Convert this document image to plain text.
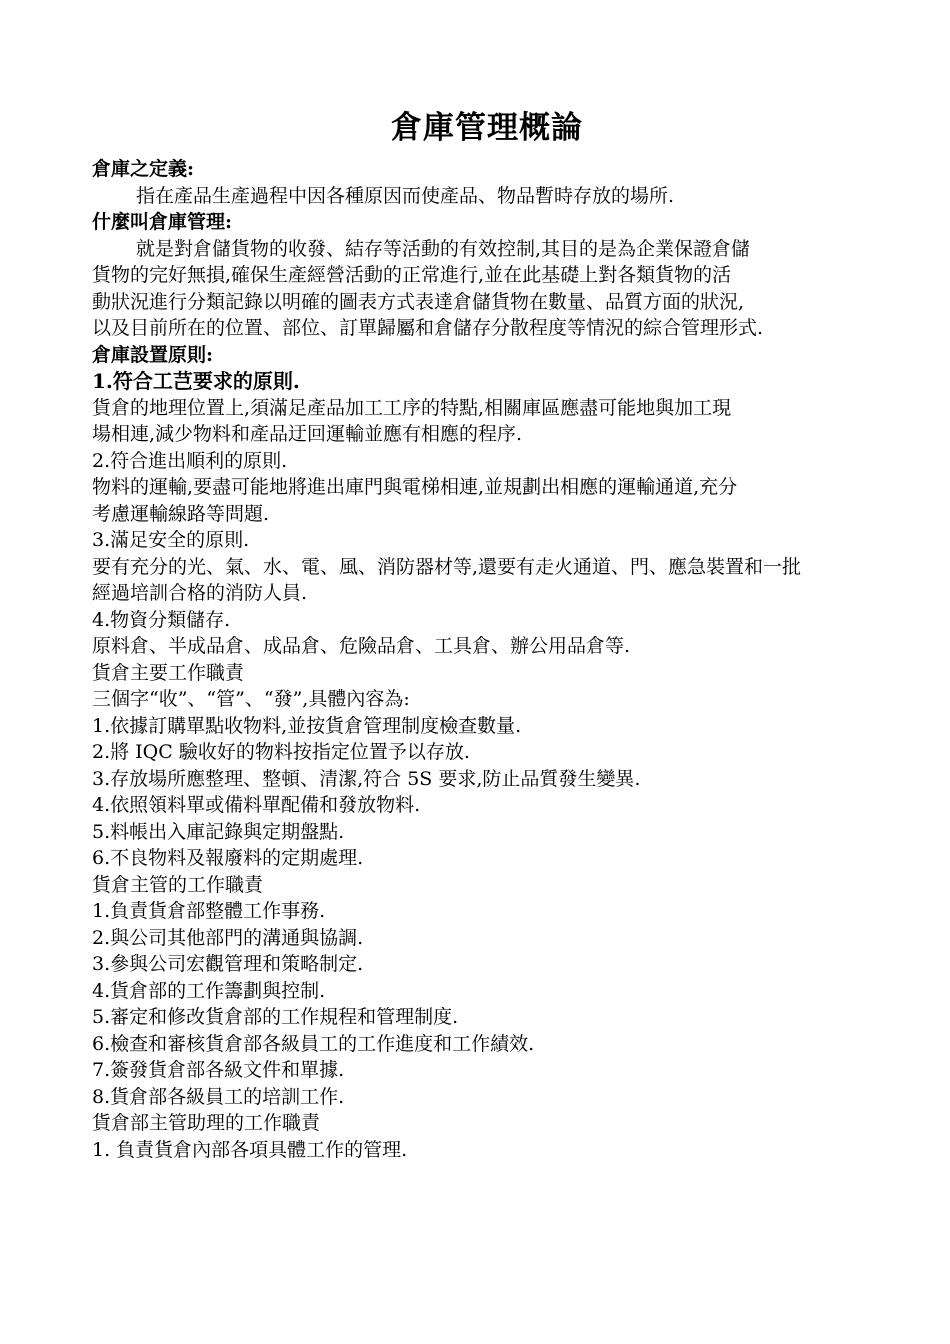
倉庫管理概論

倉庫之定義:

指在產品生產過程中因各種原因而使產品、物品暫時存放的場所.

什麼叫倉庫管理:

就是對倉儲貨物的收發、結存等活動的有效控制,其目的是為企業保證倉儲

貨物的完好無損,確保生產經營活動的正常進行,並在此基礎上對各類貨物的活

動狀況進行分類記錄以明確的圖表方式表達倉儲貨物在數量、品質方面的狀況,

以及目前所在的位置、部位、訂單歸屬和倉儲存分散程度等情況的綜合管理形式.

倉庫設置原則:

1.符合工芑要求的原則.

貨倉的地理位置上,須滿足產品加工工序的特點,相關庫區應盡可能地與加工現

場相連,減少物料和產品迂回運輸並應有相應的程序.

2.符合進出順利的原則.

物料的運輸,要盡可能地將進出庫門與電梯相連,並規劃出相應的運輸通道,充分

考慮運輸線路等問題.

3.滿足安全的原則.

要有充分的光、氣、水、電、風、消防器材等,還要有走火通道、門、應急裝置和一批

經過培訓合格的消防人員.

4.物資分類儲存.

原料倉、半成品倉、成品倉、危險品倉、工具倉、辦公用品倉等.

貨倉主要工作職責

三個字“收”、“管”、“發”,具體內容為:

1.依據訂購單點收物料,並按貨倉管理制度檢查數量.

2.將 IQC 驗收好的物料按指定位置予以存放.

3.存放場所應整理、整頓、清潔,符合 5S 要求,防止品質發生變異.

4.依照領料單或備料單配備和發放物料.

5.料帳出入庫記錄與定期盤點.

6.不良物料及報廢料的定期處理.

貨倉主管的工作職責

1.負責貨倉部整體工作事務.

2.與公司其他部門的溝通與協調.

3.參與公司宏觀管理和策略制定.

4.貨倉部的工作籌劃與控制.

5.審定和修改貨倉部的工作規程和管理制度.

6.檢查和審核貨倉部各級員工的工作進度和工作績效.

7.簽發貨倉部各級文件和單據.

8.貨倉部各級員工的培訓工作.

貨倉部主管助理的工作職責

1. 負責貨倉內部各項具體工作的管理.
